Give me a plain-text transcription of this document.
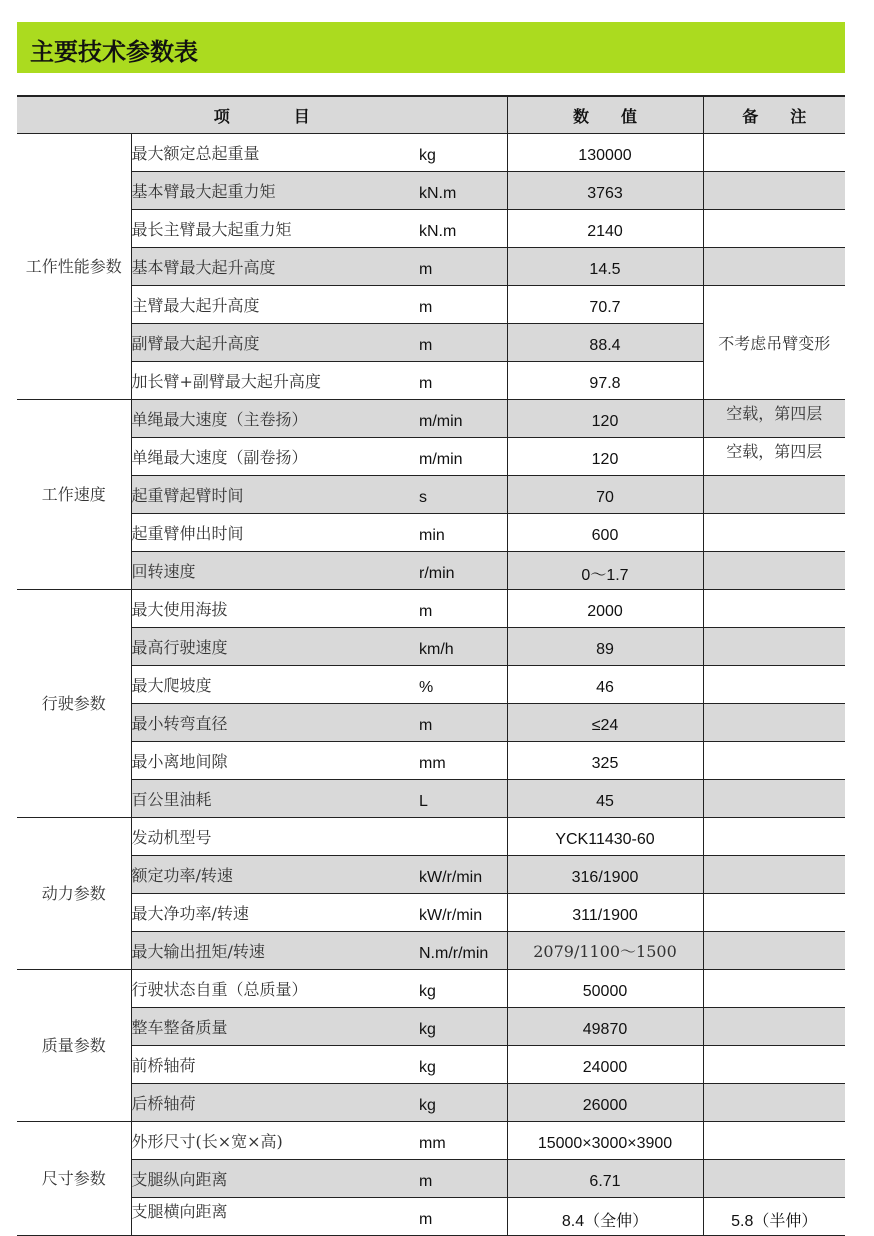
主要技术参数表
项　　　　目			数　　值	备　　注
工作性能参数	最大额定总起重量	kg	130000	
	基本臂最大起重力矩	kN.m	3763	
	最长主臂最大起重力矩	kN.m	2140	
	基本臂最大起升高度	m	14.5	
	主臂最大起升高度	m	70.7	不考虑吊臂变形
	副臂最大起升高度	m	88.4	
	加长臂+副臂最大起升高度	m	97.8	
工作速度	单绳最大速度（主卷扬）	m/min	120	空载，第四层
	单绳最大速度（副卷扬）	m/min	120	空载，第四层
	起重臂起臂时间	s	70	
	起重臂伸出时间	min	600	
	回转速度	r/min	0～1.7	
行驶参数	最大使用海拔	m	2000	
	最高行驶速度	km/h	89	
	最大爬坡度	%	46	
	最小转弯直径	m	≤24	
	最小离地间隙	mm	325	
	百公里油耗	L	45	
动力参数	发动机型号		YCK11430-60	
	额定功率/转速	kW/r/min	316/1900	
	最大净功率/转速	kW/r/min	311/1900	
	最大输出扭矩/转速	N.m/r/min	2079/1100～1500	
质量参数	行驶状态自重（总质量）	kg	50000	
	整车整备质量	kg	49870	
	前桥轴荷	kg	24000	
	后桥轴荷	kg	26000	
尺寸参数	外形尺寸(长×宽×高)	mm	15000×3000×3900	
	支腿纵向距离	m	6.71	
	支腿横向距离	m	8.4（全伸）	5.8（半伸）
